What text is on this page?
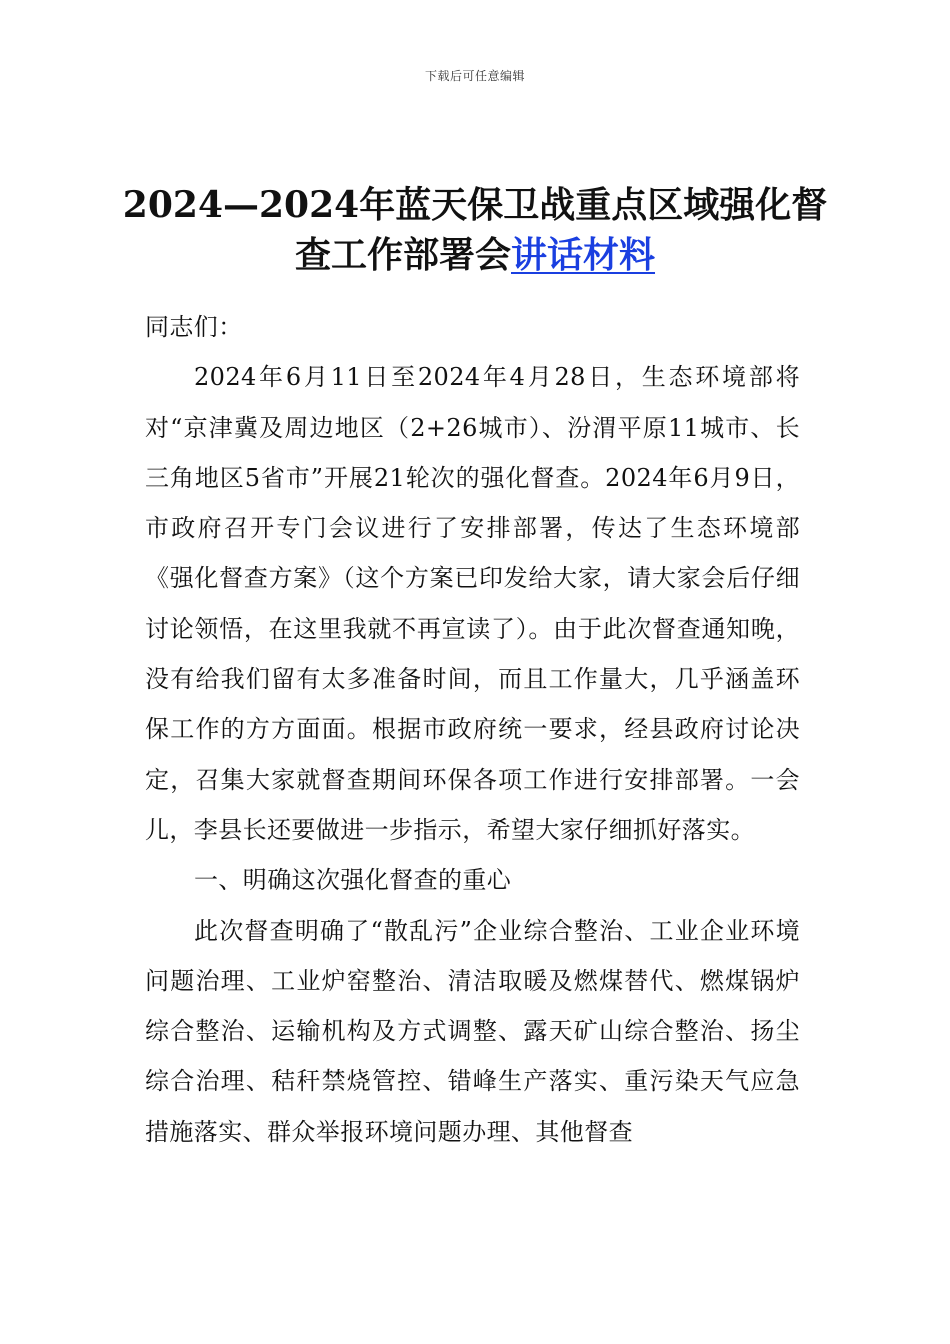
下载后可任意编辑
2024—2024年蓝天保卫战重点区域强化督
查工作部署会讲话材料

同志们：

2024年6月11日至2024年4月28日，生态环境部将对“京津冀及周边地区（2+26城市）、汾渭平原11城市、长三角地区5省市”开展21轮次的强化督查。2024年6月9日，市政府召开专门会议进行了安排部署，传达了生态环境部《强化督查方案》（这个方案已印发给大家，请大家会后仔细讨论领悟，在这里我就不再宣读了）。由于此次督查通知晚，没有给我们留有太多准备时间，而且工作量大，几乎涵盖环保工作的方方面面。根据市政府统一要求，经县政府讨论决定，召集大家就督查期间环保各项工作进行安排部署。一会儿，李县长还要做进一步指示，希望大家仔细抓好落实。

一、明确这次强化督查的重心

此次督查明确了“散乱污”企业综合整治、工业企业环境问题治理、工业炉窑整治、清洁取暖及燃煤替代、燃煤锅炉综合整治、运输机构及方式调整、露天矿山综合整治、扬尘综合治理、秸秆禁烧管控、错峰生产落实、重污染天气应急措施落实、群众举报环境问题办理、其他督查
